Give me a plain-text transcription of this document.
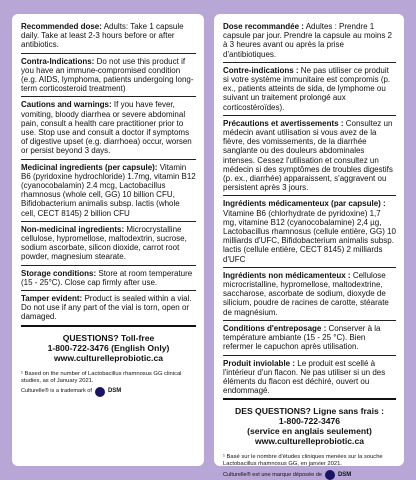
Recommended dose: Adults: Take 1 capsule daily. Take at least 2-3 hours before or after antibiotics.
Contra-Indications: Do not use this product if you have an immune-compromised condition (e.g. AIDS, lymphoma, patients undergoing long-term corticosteroid treatment)
Cautions and warnings: If you have fever, vomiting, bloody diarrhea or severe abdominal pain, consult a health care practitioner prior to use. Stop use and consult a doctor if symptoms of digestive upset (e.g. diarrhoea) occur, worsen or persist beyond 3 days.
Medicinal ingredients (per capsule): Vitamin B6 (pyridoxine hydrochloride) 1.7mg, vitamin B12 (cyanocobalamin) 2.4 mcg, Lactobacillus rhamnosus (whole cell, GG) 10 billion CFU, Bifidobacterium animalis subsp. lactis (whole cell, CECT 8145) 2 billion CFU
Non-medicinal ingredients: Microcrystalline cellulose, hypromellose, maltodextrin, sucrose, sodium ascorbate, silicon dioxide, carrot root powder, magnesium stearate.
Storage conditions: Store at room temperature (15 - 25°C). Close cap firmly after use.
Tamper evident: Product is sealed within a vial. Do not use if any part of the vial is torn, open or damaged.
QUESTIONS? Toll-free
1-800-722-3476 (English Only)
www.culturelleprobiotic.ca
¹ Based on the number of Lactobacillus rhamnosus GG clinical studies, as of January 2021.
Culturelle® is a trademark of	DSM
Dose recommandée : Adultes : Prendre 1 capsule par jour. Prendre la capsule au moins 2 à 3 heures avant ou après la prise d'antibiotiques.
Contre-indications : Ne pas utiliser ce produit si votre système immunitaire est compromis (p. ex., patients atteints de sida, de lymphome ou suivant un traitement prolongé aux corticostéroïdes).
Précautions et avertissements : Consultez un médecin avant utilisation si vous avez de la fièvre, des vomissements, de la diarrhée sanglante ou des douleurs abdominales intenses. Cessez l'utilisation et consultez un médecin si des symptômes de troubles digestifs (p. ex., diarrhée) apparaissent, s'aggravent ou persistent après 3 jours.
Ingrédients médicamenteux (par capsule) : Vitamine B6 (chlorhydrate de pyridoxine) 1,7 mg, vitamine B12 (cyanocobalamine) 2,4 µg, Lactobacillus rhamnosus (cellule entière, GG) 10 milliards d'UFC, Bifidobacterium animalis subsp. lactis (cellule entière, CECT 8145) 2 milliards d'UFC
Ingrédients non médicamenteux : Cellulose microcristalline, hypromellose, maltodextrine, saccharose, ascorbate de sodium, dioxyde de silicium, poudre de racines de carotte, stéarate de magnésium.
Conditions d'entreposage : Conserver à la température ambiante (15 - 25 °C). Bien refermer le capuchon après utilisation.
Produit inviolable : Le produit est scellé à l'intérieur d'un flacon. Ne pas utiliser si un des éléments du flacon est déchiré, ouvert ou endommagé.
DES QUESTIONS? Ligne sans frais :
1-800-722-3476
(service en anglais seulement)
www.culturelleprobiotic.ca
¹ Basé sur le nombre d'études cliniques menées sur la souche Lactobacillus rhamnosus GG, en janvier 2021.
Culturelle® est une marque déposée de	DSM
